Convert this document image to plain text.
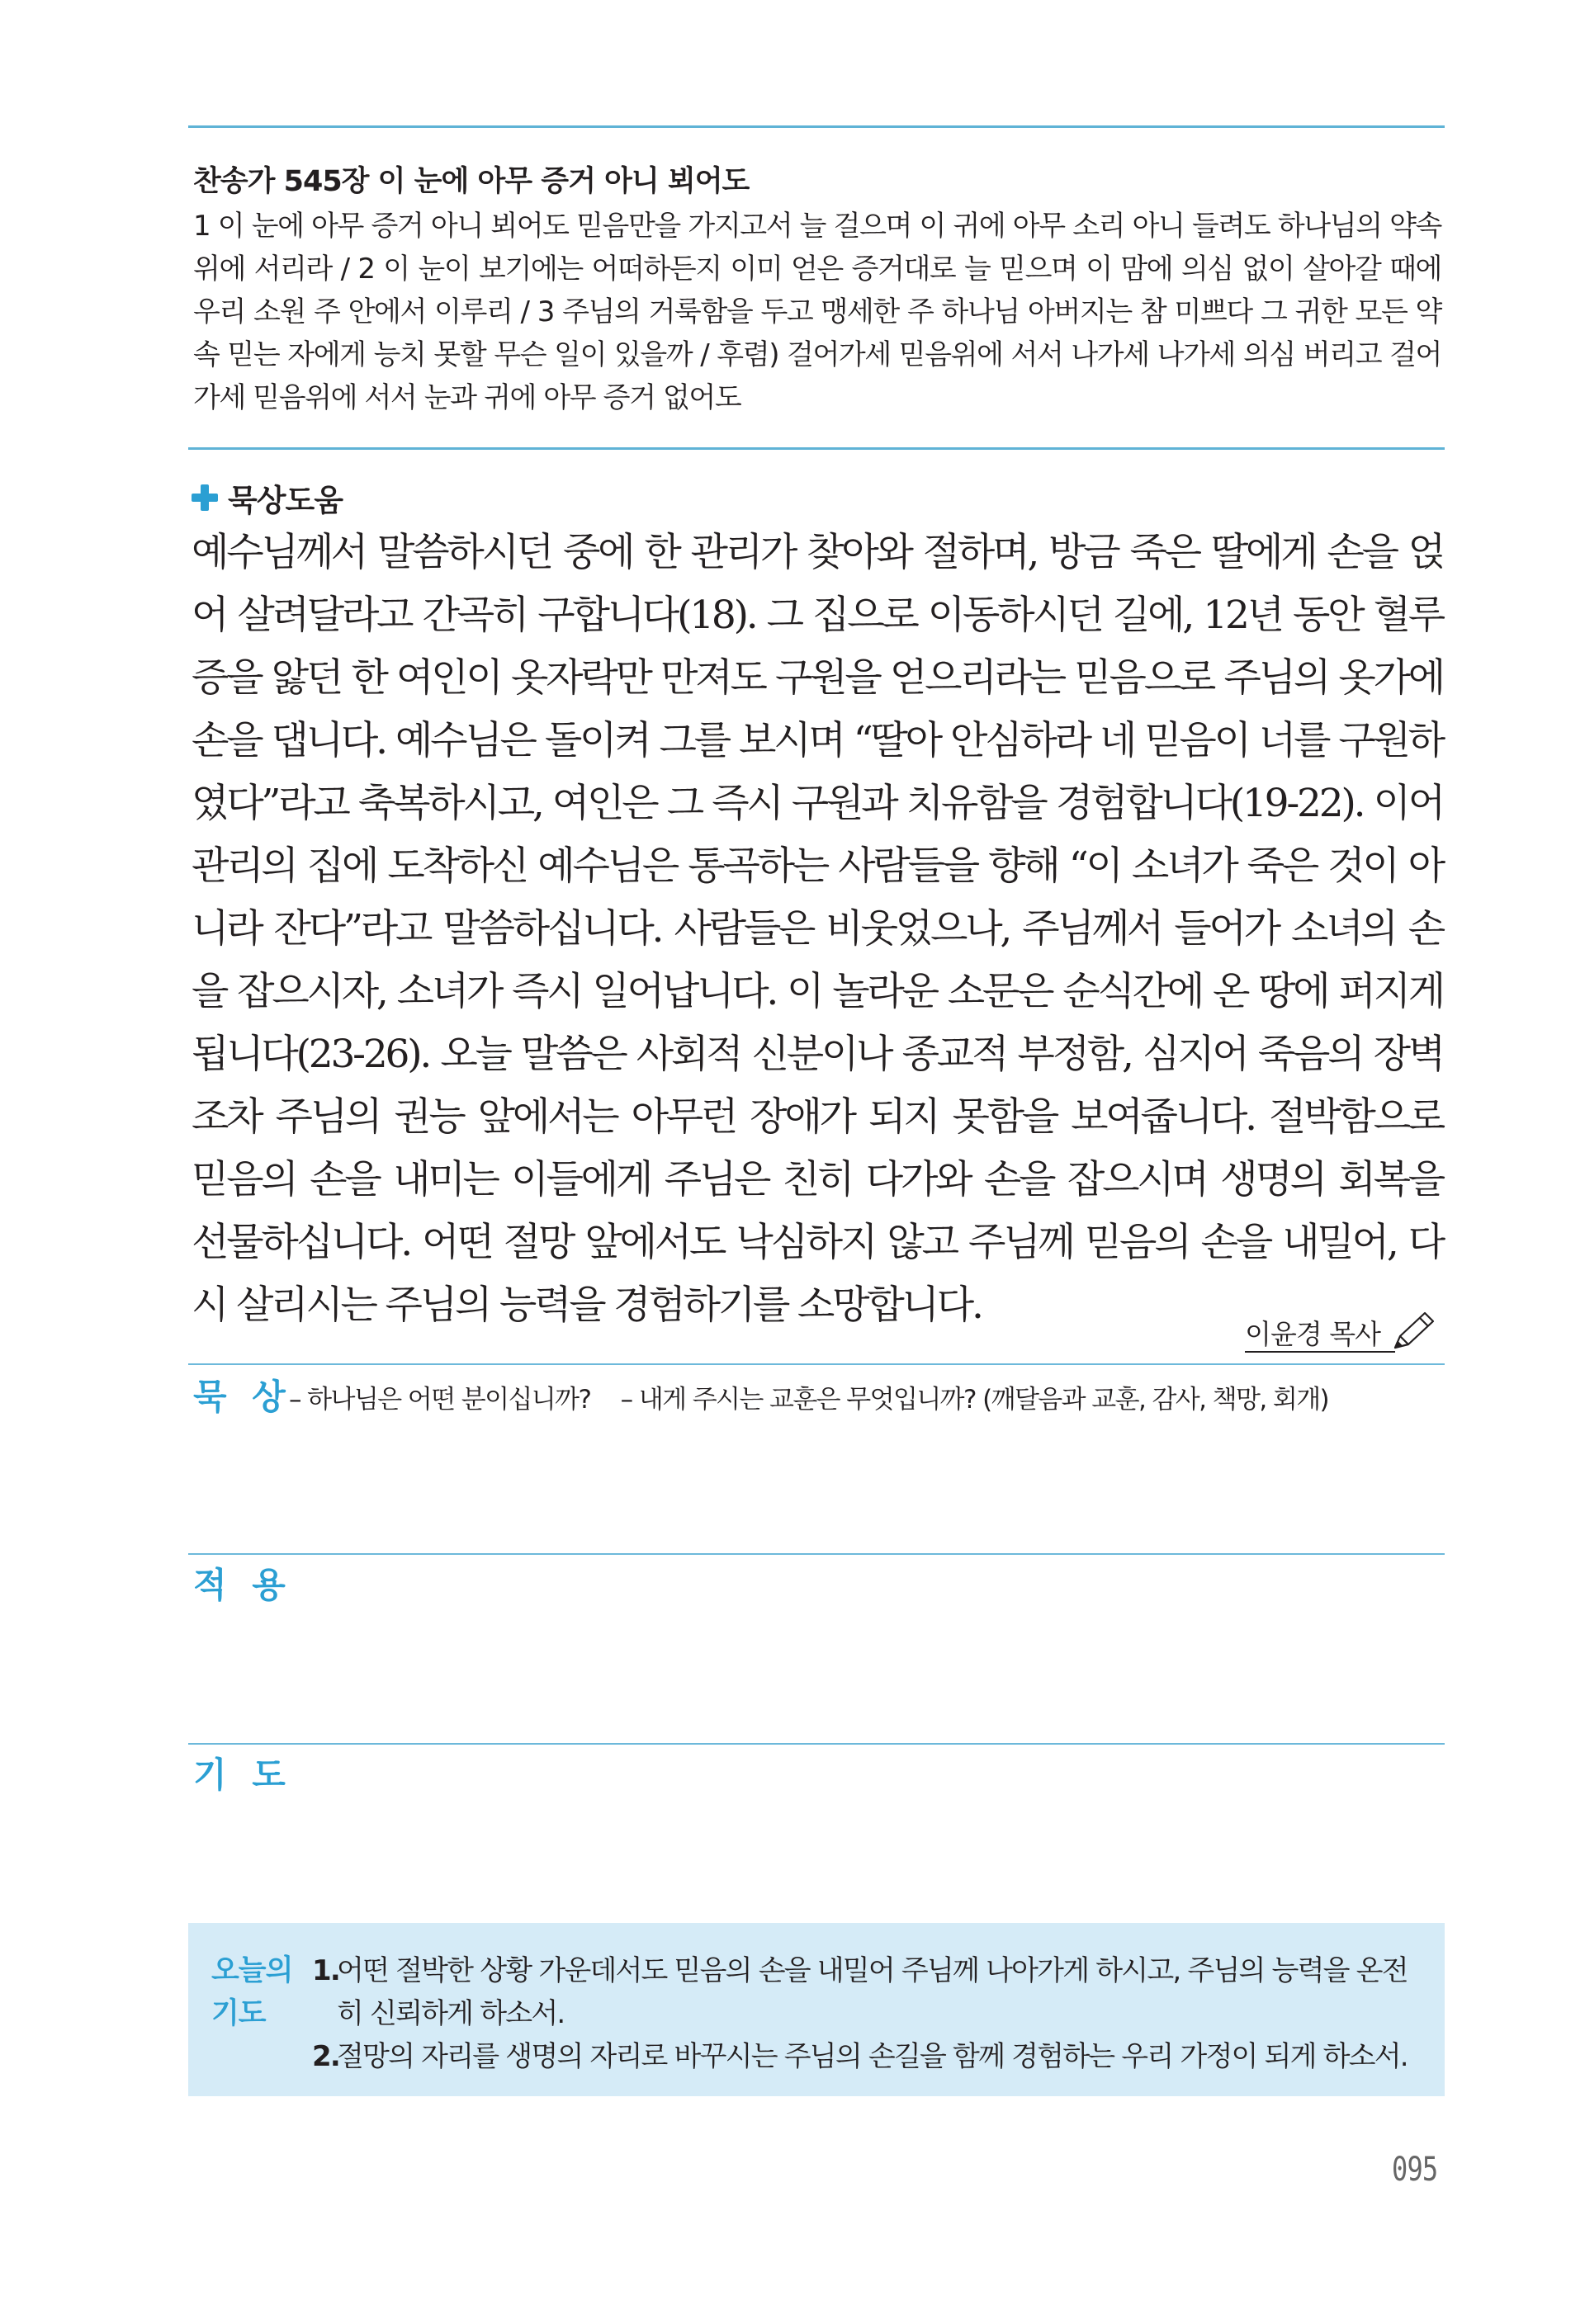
찬송가 545장 이 눈에 아무 증거 아니 뵈어도
1 이 눈에 아무 증거 아니 뵈어도 믿음만을 가지고서 늘 걸으며 이 귀에 아무 소리 아니 들려도 하나님의 약속 위에 서리라 / 2 이 눈이 보기에는 어떠하든지 이미 얻은 증거대로 늘 믿으며 이 맘에 의심 없이 살아갈 때에 우리 소원 주 안에서 이루리 / 3 주님의 거룩함을 두고 맹세한 주 하나님 아버지는 참 미쁘다 그 귀한 모든 약속 믿는 자에게 능치 못할 무슨 일이 있을까 / 후렴) 걸어가세 믿음위에 서서 나가세 나가세 의심 버리고 걸어가세 믿음위에 서서 눈과 귀에 아무 증거 없어도
묵상도움
예수님께서 말씀하시던 중에 한 관리가 찾아와 절하며, 방금 죽은 딸에게 손을 얹어 살려달라고 간곡히 구합니다(18). 그 집으로 이동하시던 길에, 12년 동안 혈루증을 앓던 한 여인이 옷자락만 만져도 구원을 얻으리라는 믿음으로 주님의 옷가에 손을 댑니다. 예수님은 돌이켜 그를 보시며 “딸아 안심하라 네 믿음이 너를 구원하였다”라고 축복하시고, 여인은 그 즉시 구원과 치유함을 경험합니다(19-22). 이어 관리의 집에 도착하신 예수님은 통곡하는 사람들을 향해 “이 소녀가 죽은 것이 아니라 잔다”라고 말씀하십니다. 사람들은 비웃었으나, 주님께서 들어가 소녀의 손을 잡으시자, 소녀가 즉시 일어납니다. 이 놀라운 소문은 순식간에 온 땅에 퍼지게 됩니다(23-26). 오늘 말씀은 사회적 신분이나 종교적 부정함, 심지어 죽음의 장벽조차 주님의 권능 앞에서는 아무런 장애가 되지 못함을 보여줍니다. 절박함으로 믿음의 손을 내미는 이들에게 주님은 친히 다가와 손을 잡으시며 생명의 회복을 선물하십니다. 어떤 절망 앞에서도 낙심하지 않고 주님께 믿음의 손을 내밀어, 다시 살리시는 주님의 능력을 경험하기를 소망합니다.
이윤경 목사
묵 상
– 하나님은 어떤 분이십니까? – 내게 주시는 교훈은 무엇입니까? (깨달음과 교훈, 감사, 책망, 회개)
적 용
기 도
오늘의
기도
1.
어떤 절박한 상황 가운데서도 믿음의 손을 내밀어 주님께 나아가게 하시고, 주님의 능력을 온전히 신뢰하게 하소서.
2.
절망의 자리를 생명의 자리로 바꾸시는 주님의 손길을 함께 경험하는 우리 가정이 되게 하소서.
095
